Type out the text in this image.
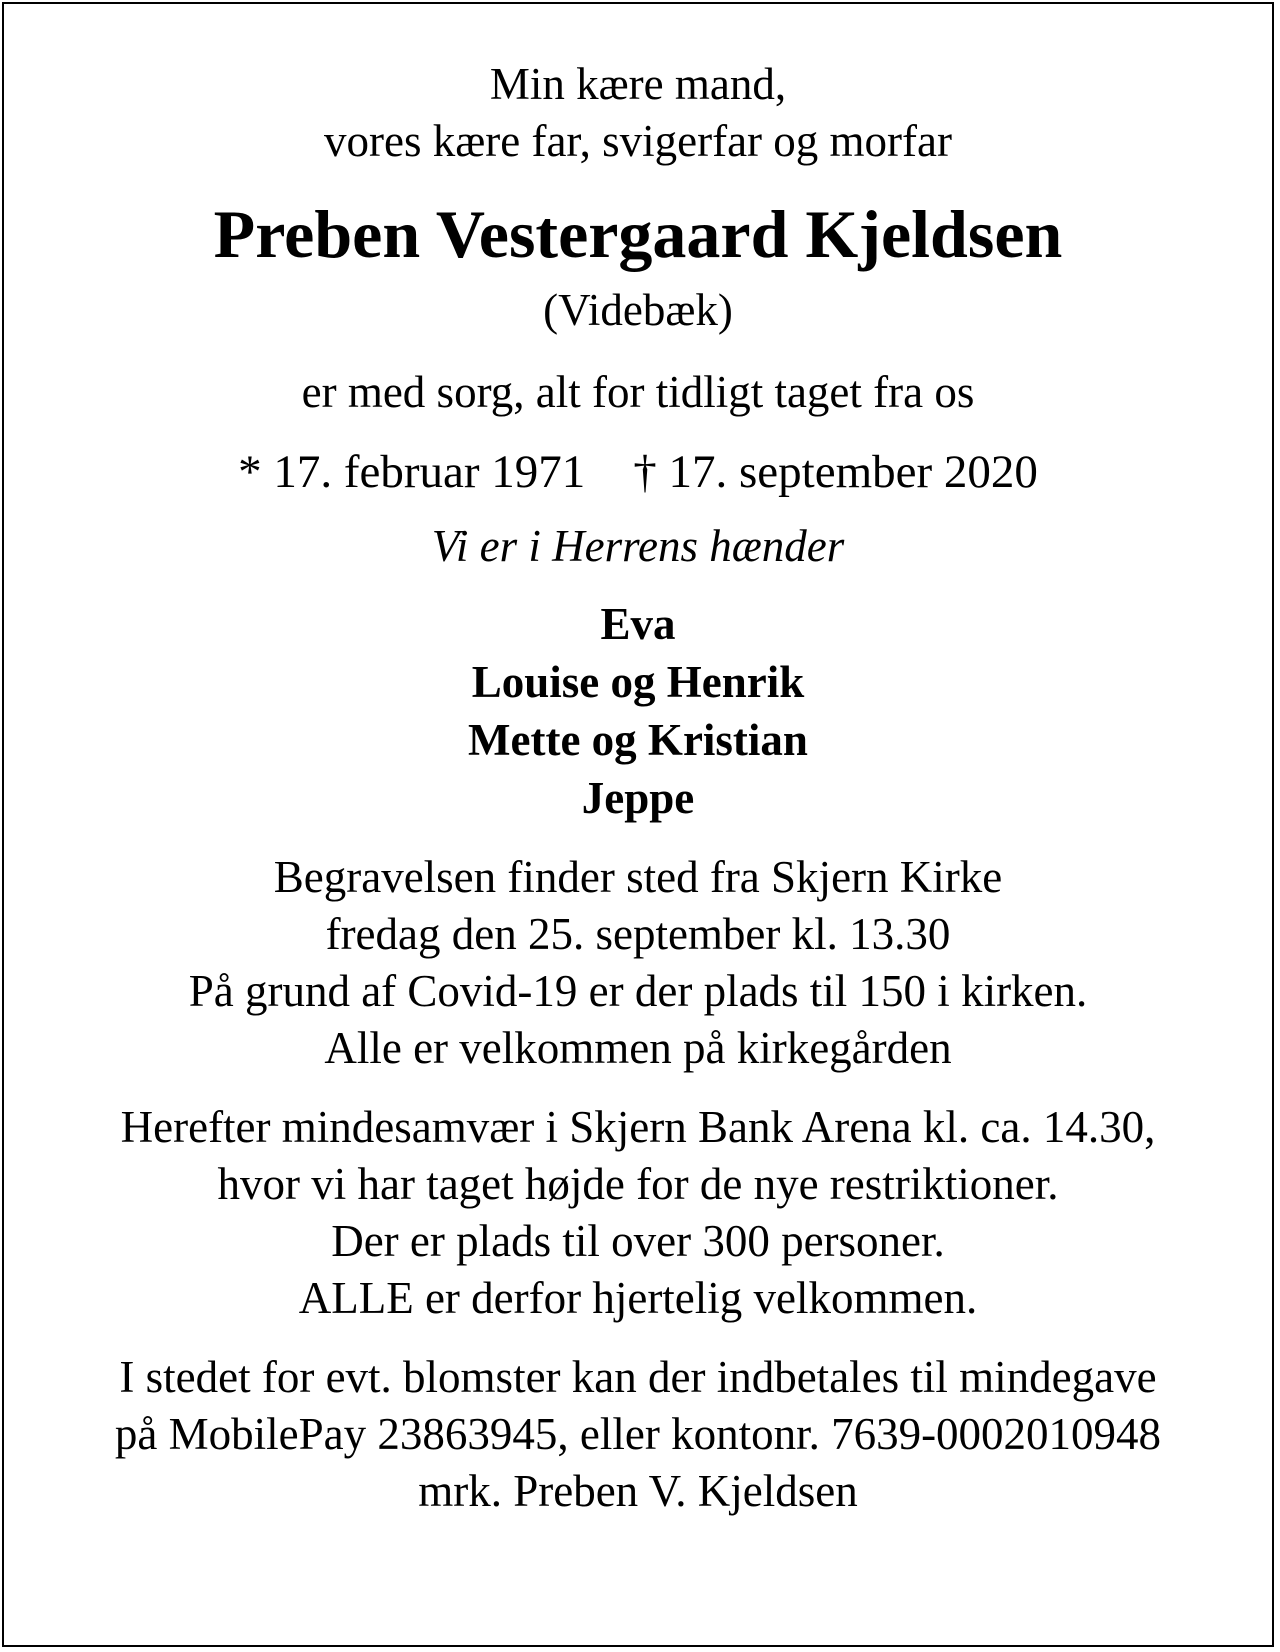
Min kære mand,
vores kære far, svigerfar og morfar
Preben Vestergaard Kjeldsen
(Videbæk)
er med sorg, alt for tidligt taget fra os
* 17. februar 1971 † 17. september 2020
Vi er i Herrens hænder
Eva
Louise og Henrik
Mette og Kristian
Jeppe
Begravelsen finder sted fra Skjern Kirke
fredag den 25. september kl. 13.30
På grund af Covid-19 er der plads til 150 i kirken.
Alle er velkommen på kirkegården
Herefter mindesamvær i Skjern Bank Arena kl. ca. 14.30,
hvor vi har taget højde for de nye restriktioner.
Der er plads til over 300 personer.
ALLE er derfor hjertelig velkommen.
I stedet for evt. blomster kan der indbetales til mindegave
på MobilePay 23863945, eller kontonr. 7639-0002010948
mrk. Preben V. Kjeldsen
